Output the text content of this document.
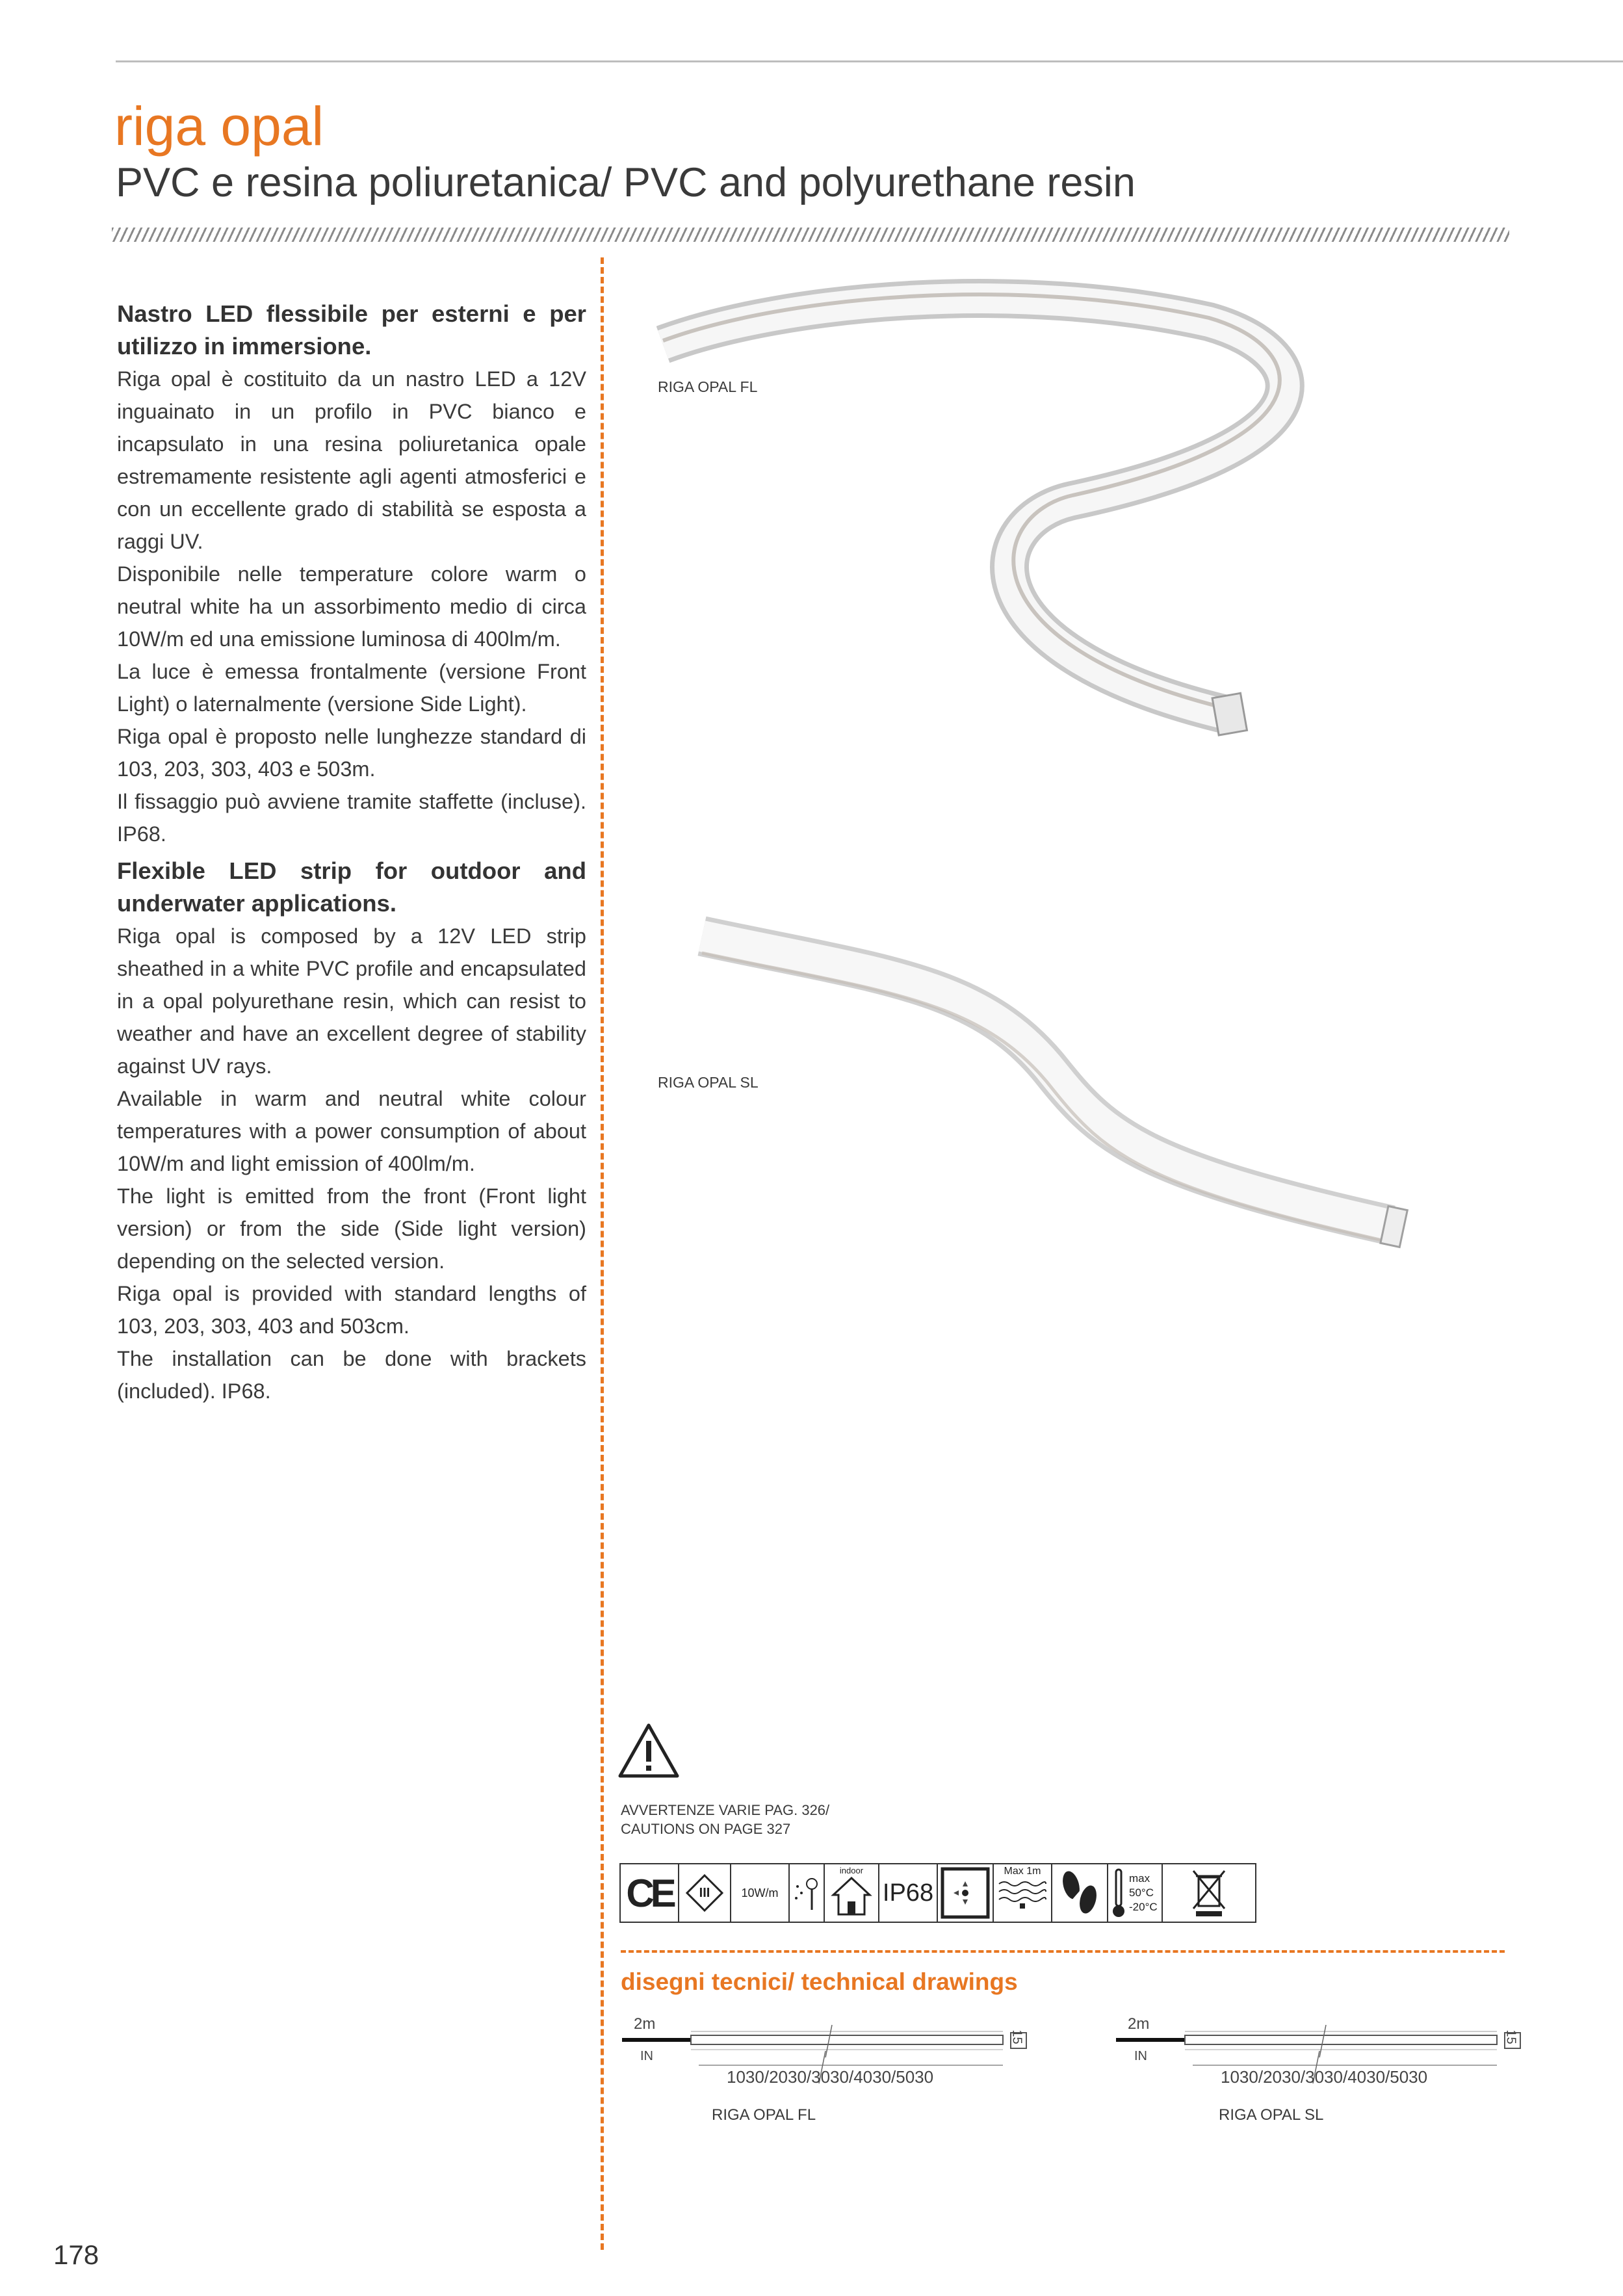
riga opal
PVC e resina poliuretanica/ PVC and polyurethane resin
Nastro LED flessibile per esterni e per utilizzo in immersione.

Riga opal è costituito da un nastro LED a 12V inguainato in un profilo in PVC bianco e incapsulato in una resina poliuretanica opale estremamente resistente agli agenti atmosferici e con un eccellente grado di stabilità se esposta a raggi UV.

Disponibile nelle temperature colore warm o neutral white ha un assorbimento medio di circa 10W/m ed una emissione luminosa di 400lm/m.

La luce è emessa frontalmente (versione Front Light) o laternalmente (versione Side Light).

Riga opal è proposto nelle lunghezze standard di 103, 203, 303, 403 e 503m.

Il fissaggio può avviene tramite staffette (incluse). IP68.

Flexible LED strip for outdoor and underwater applications.

Riga opal is composed by a 12V LED strip sheathed in a white PVC profile and encapsulated in a opal polyurethane resin, which can resist to weather and have an excellent degree of stability against UV rays.

Available in warm and neutral white colour temperatures with a power consumption of about 10W/m and light emission of 400lm/m.

The light is emitted from the front (Front light version) or from the side (Side light version) depending on the selected version.

Riga opal is provided with standard lengths of 103, 203, 303, 403 and 503cm.

The installation can be done with brackets (included). IP68.

RIGA OPAL FL
RIGA OPAL SL
AVVERTENZE VARIE PAG. 326/
CAUTIONS ON PAGE 327
CE	III	10W/m
indoor
IP68
Max 1m
max
50°C
-20°C
disegni tecnici/ technical drawings
2m
IN
1030/2030/3030/4030/5030
15
RIGA OPAL FL
2m
IN
1030/2030/3030/4030/5030
15
RIGA OPAL SL
178
